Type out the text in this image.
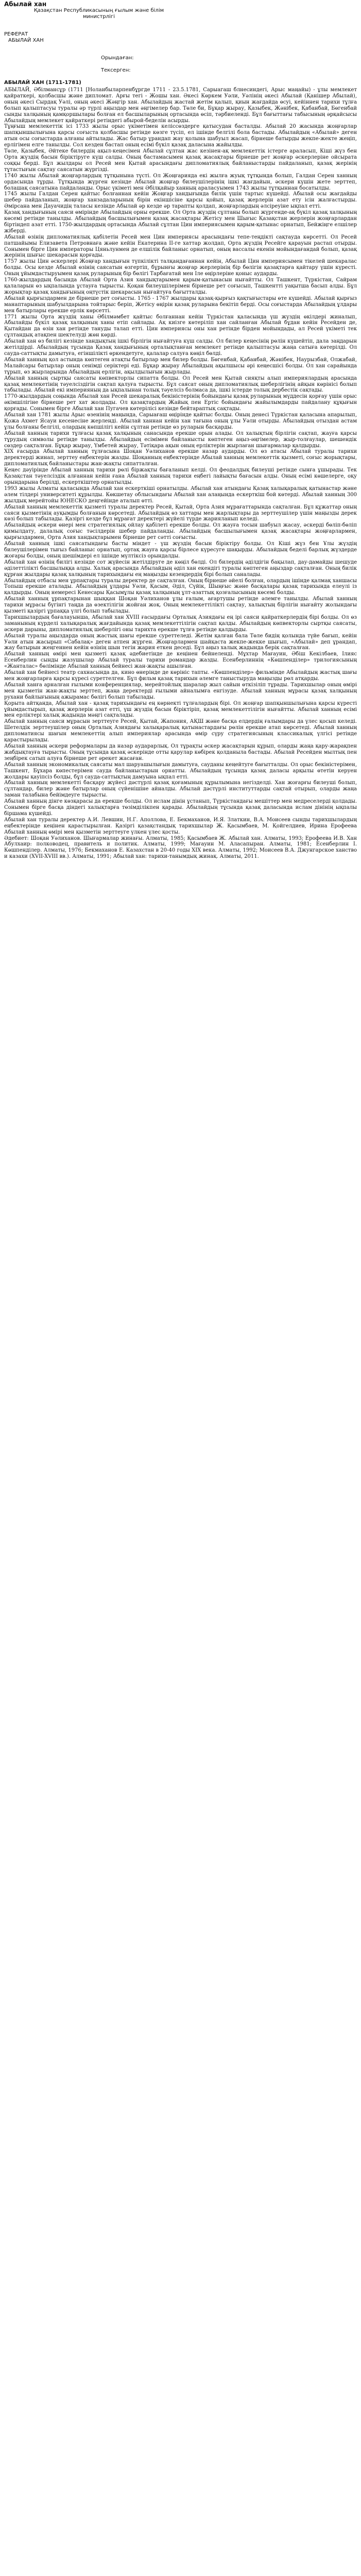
Абылай хан

Қазақстан Республикасының ғылым және білім министрлігі

РЕФЕРАТ

АБЫЛАЙ ХАН

Орындаған:

Тексерген:

АБЫЛАЙ ХАН (1711-1781)

АБЫЛАЙ, Әбілмансұр (1711 [Ноланбыларпенбұргде 1711 - 23.5.1781, Сарыагаш блнесиндегі, Арыс маңайы) - ұлы мемлекет қайраткері, қолбасшы және дипломат. Арғы тегі - Жошы хан. Әкесі Көркем Уәли, Уәлінің әкесі Абылай (Қанішер Абылай), оның әкесі Сырдақ Уәлі, оның әкесі Жәңгір хан. Абылайдың жастай жетім қалып, қиын жағдайда өсуі, кейіннен тарихи тұлға болып қалыптасуы туралы әр түрлі аңыздар мен әңгімелер бар. Төле би, Бұқар жырау, Қазыбек, Жәнібек, Қабанбай, Бөгенбай сынды халқының қамқоршылары болған ел басшыларының ортасында өсіп, тәрбиеленді. Бұл бағыттағы табысының әрқайсысы Абылайдың мемлекет қайраткері ретіндегі абырой-беделін асырды.

Тұңғыш мемлекеттік ісі 1733 жылы орыс үкіметімен келіссөздерге қатысудан басталды. Абылай 20 жасында жоңғарлар шапқыншылығына қарсы соғыста қолбасшы ретінде көзге түсіп, ел ішінде белгілі бола бастады. Абылайдың «Абылай» деген атын осы соғыстарда алғаны айтылады. Жас батыр ұрандап жау қолына шабуыл жасап, бірнеше батырды жекпе-жекте жеңіп, ерлігімен елге танылды. Сол кезден бастап оның есімі бүкіл қазақ даласына жайылды.

Төле, Қазыбек, Әйтеке билердің ақыл-кеңесімен Абылай сұлтан жас кезінен-ақ мемлекеттік істерге араласып, Кіші жүз бен Орта жүздің басын біріктіруге күш салды. Оның бастамасымен қазақ жасақтары бірнеше рет жоңғар әскерлеріне ойсырата соққы берді. Бұл жылдары ол Ресей мен Қытай арасындағы дипломатиялық байланыстарды пайдаланып, қазақ жерінің тұтастығын сақтау саясатын жүргізді.

1740 жылы Абылай жоңғарлардың тұтқынына түсті. Ол Жоңғарияда екі жылға жуық тұтқында болып, Галдан Серен ханның ордасында тұрды. Тұтқында жүрген кезінде Абылай жоңғар билеушілерінің ішкі жағдайын, әскери күшін жете зерттеп, болашақ саясатына пайдаланды. Орыс үкіметі мен Әбілқайыр ханның араласуымен 1743 жылы тұтқыннан босатылды.

1745 жылы Галдан Серен қайтыс болғаннан кейін Жоңғар хандығында билік үшін тартыс күшейді. Абылай осы жағдайды шебер пайдаланып, жоңғар ханзадаларының бірін екіншісіне қарсы қойып, қазақ жерлерін азат ету ісін жалғастырды. Әмірсана мен Дауачидің таласы кезінде Абылай әр кезде әр тарапты қолдап, жоңғарлардың әлсіреуіне ықпал етті.

Қазақ хандығының саяси өмірінде Абылайдың орны ерекше. Ол Орта жүздің сұлтаны болып жүргенде-ақ бүкіл қазақ халқының көсемі ретінде танылды. Абылайдың басшылығымен қазақ жасақтары Жетісу мен Шығыс Қазақстан жерлерін жоңғарлардан біртіндеп азат етті. 1750-жылдардың ортасында Абылай сұлтан Цин империясымен қарым-қатынас орнатып, Бейжіңге елшілер жіберді.

Абылай өзінің дипломатиялық қабілетін Ресей мен Цин империясы арасындағы тепе-теңдікті сақтауда көрсетті. Ол Ресей патшайымы Елизавета Петровнаға және кейін Екатерина II-ге хаттар жолдап, Орта жүздің Ресейге қарауын растап отырды. Сонымен бірге Цин императоры Цяньлунмен де елшілік байланыс орнатып, оның вассалы екенін мойындағандай болып, қазақ жерінің шығыс шекарасын қорғады.

1757 жылы Цин әскерлері Жоңғар хандығын түпкілікті талқандағаннан кейін, Абылай Цин империясымен тікелей шекаралас болды. Осы кезде Абылай өзінің саясатын өзгертіп, бұрынғы жоңғар жерлерінің бір бөлігін қазақтарға қайтару үшін күресті. Оның ұйымдастыруымен қазақ руларының бір бөлігі Тарбағатай мен Іле өңірлеріне қоныс аударды.

1760-жылдардың басында Абылай Орта Азия хандықтарымен қарым-қатынасын нығайтты. Ол Ташкент, Түркістан, Сайрам қалаларын өз ықпалында ұстауға тырысты. Қоқан билеушілерімен бірнеше рет соғысып, Ташкентті уақытша басып алды. Бұл жорықтар қазақ хандығының оңтүстік шекарасын нығайтуға бағытталды.

Абылай қырғыздармен де бірнеше рет соғысты. 1765 - 1767 жылдары қазақ-қырғыз қақтығыстары өте күшейді. Абылай қырғыз манаптарының шабуылдарына тойтарыс беріп, Жетісу өңірін қазақ руларына бекітіп берді. Осы соғыстарда Абылайдың ұлдары мен батырлары ерекше ерлік көрсетті.

1771 жылы Орта жүздің ханы Әбілмәмбет қайтыс болғаннан кейін Түркістан қаласында үш жүздің өкілдері жиналып, Абылайды бүкіл қазақ халқының ханы етіп сайлады. Ақ киізге көтеріліп хан сайланған Абылай бұдан кейін Ресейден де, Қытайдан да өзін хан ретінде тануды талап етті. Цин империясы оны хан ретінде бірден мойындады, ал Ресей үкіметі тек сұлтандық атақпен шектелуді жөн көрді.

Абылай хан өз билігі кезінде хандықтың ішкі бірлігін нығайтуға күш салды. Ол билер кеңесінің рөлін күшейтіп, дала заңдарын жетілдірді. Абылайдың тұсында Қазақ хандығының орталықтанған мемлекет ретінде қалыптасуы жаңа сатыға көтерілді. Ол сауда-саттықты дамытуға, егіншілікті өркендетуге, қалалар салуға көңіл бөлді.

Абылай ханның қол астында көптеген атақты батырлар мен билер болды. Бөгенбай, Қабанбай, Жәнібек, Наурызбай, Олжабай, Малайсары батырлар оның сенімді серіктері еді. Бұқар жырау Абылайдың ақылшысы әрі кеңесшісі болды. Ол хан сарайында тұрып, өз жырларында Абылайдың ерлігін, ақылдылығын жырлады.

Абылай ханның сыртқы саясаты көпвекторлы сипатта болды. Ол Ресей мен Қытай сияқты алып империялардың арасында қазақ мемлекетінің тәуелсіздігін сақтап қалуға тырысты. Бұл саясат оның дипломатиялық шеберлігінің айқын көрінісі болып табылады. Абылай екі империяның да ықпалынан толық тәуелсіз болмаса да, ішкі істерде толық дербестік сақтады.

1770-жылдардың соңында Абылай хан Ресей шекаралық бекіністерінің бойындағы қазақ руларының мүддесін қорғау үшін орыс әкімшілігіне бірнеше рет хат жолдады. Ол қазақтардың Жайық пен Ертіс бойындағы жайылымдарды пайдалану құқығын қорғады. Сонымен бірге Абылай хан Пугачев көтерілісі кезінде бейтараптық сақтады.

Абылай хан 1781 жылы Арыс өзенінің маңында, Сарыағаш өңірінде қайтыс болды. Оның денесі Түркістан қаласына апарылып, Қожа Ахмет Ясауи кесенесіне жерленді. Абылай ханнан кейін хан тағына оның ұлы Уәли отырды. Абылайдың отыздан астам ұлы болғаны белгілі, олардың көпшілігі кейін сұлтан ретінде өз руларын басқарды.

Абылай ханның тарихи тұлғасы қазақ халқының санасында ерекше орын алады. Ол халықтың бірлігін сақтап, жауға қарсы тұрудың символы ретінде танылды. Абылайдың есімімен байланысты көптеген аңыз-әңгімелер, жыр-толғаулар, шешендік сөздер сақталған. Бұқар жырау, Үмбетей жырау, Тәтіқара ақын оның ерліктерін жырлаған шығармалар қалдырды.

XIX ғасырда Абылай ханның тұлғасына Шоқан Уәлиханов ерекше назар аударды. Ол өз атасы Абылай туралы тарихи деректерді жинап, зерттеу еңбектерін жазды. Шоқанның еңбектерінде Абылай ханның мемлекеттік қызметі, соғыс жорықтары, дипломатиялық байланыстары жан-жақты сипатталған.

Кеңес дәуірінде Абылай ханның тарихи рөлі біржақты бағаланып келді. Ол феодалдық билеуші ретінде сынға ұшырады. Тек Қазақстан тәуелсіздік алғаннан кейін ғана Абылай ханның тарихи еңбегі лайықты бағасын алды. Оның есімі көшелерге, оқу орындарына берілді, ескерткіштер орнатылды.

1993 жылы Алматы қаласында Абылай хан ескерткіші орнатылды. Абылай хан атындағы Қазақ халықаралық қатынастар және әлем тілдері университеті құрылды. Көкшетау облысындағы Абылай хан алаңында ескерткіш бой көтерді. Абылай ханның 300 жылдық мерейтойы ЮНЕСКО деңгейінде аталып өтті.

Абылай ханның мемлекеттік қызметі туралы деректер Ресей, Қытай, Орта Азия мұрағаттарында сақталған. Бұл құжаттар оның саяси қызметінің ауқымды болғанын көрсетеді. Абылайдың өз хаттары мен жарлықтары да зерттеушілер үшін маңызды дерек көзі болып табылады. Қазіргі кезде бұл мұрағат деректері жүйелі түрде жарияланып келеді.

Абылайдың әскери өнері мен стратегиялық ойлау қабілеті ерекше болды. Ол жауға тосын шабуыл жасау, әскерді бөліп-бөліп қимылдату, далалық соғыс тәсілдерін шебер пайдаланды. Абылайдың басшылығымен қазақ жасақтары жоңғарлармен, қырғыздармен, Орта Азия хандықтарымен бірнеше рет сәтті соғысты.

Абылай ханның ішкі саясатындағы басты міндет - үш жүздің басын біріктіру болды. Ол Кіші жүз бен Ұлы жүздің билеушілерімен тығыз байланыс орнатып, ортақ жауға қарсы бірлесе күресуге шақырды. Абылайдың беделі барлық жүздерде жоғары болды, оның шешімдері ел ішінде мүлтіксіз орындалды.

Абылай хан өзінің билігі кезінде сот жүйесін жетілдіруге де көңіл бөлді. Ол билердің әділдігін бақылап, дау-дамайды шешуде әділеттілікті басшылыққа алды. Халық арасында Абылайдың әділ хан екендігі туралы көптеген аңыздар сақталған. Оның билік құрған жылдары қазақ халқының тарихындағы ең маңызды кезеңдердің бірі болып саналады.

Абылайдың отбасы мен ұрпақтары туралы деректер де сақталған. Оның бірнеше әйелі болған, олардың ішінде қалмақ ханшасы Топыш ерекше аталады. Абылайдың ұлдары Уәли, Қасым, Әділ, Сүйік, Шыңғыс және басқалары қазақ тарихында елеулі із қалдырды. Оның немересі Кенесары Қасымұлы қазақ халқының ұлт-азаттық қозғалысының көсемі болды.

Абылай ханның ұрпақтарынан шыққан Шоқан Уәлиханов ұлы ғалым, ағартушы ретінде әлемге танылды. Абылай ханның тарихи мұрасы бүгінгі таңда да өзектілігін жойған жоқ. Оның мемлекеттілікті сақтау, халықтың бірлігін нығайту жолындағы қызметі қазіргі ұрпаққа үлгі болып табылады.

Тарихшылардың бағалауынша, Абылай хан XVIII ғасырдағы Орталық Азиядағы ең ірі саяси қайраткерлердің бірі болды. Ол өз заманының күрделі халықаралық жағдайында қазақ мемлекеттілігін сақтап қалды. Абылайдың көпвекторлы сыртқы саясаты, әскери дарыны, дипломатиялық шеберлігі оны тарихта ерекше тұлға ретінде қалдырды.

Абылай туралы аңыздарда оның жастық шағы ерекше суреттеледі. Жетім қалған бала Төле бидің қолында түйе бағып, кейін Уәли атын жасырып «Сабалақ» деген атпен жүрген. Жоңғарлармен шайқаста жекпе-жекке шығып, «Абылай» деп ұрандап, жау батырын жеңгеннен кейін өзінің шын тегін жария еткен деседі. Бұл аңыз халық жадында берік сақталған.

Абылай ханның өмірі мен қызметі қазақ әдебиетінде де кеңінен бейнеленді. Мұхтар Мағауин, Әбіш Кекілбаев, Ілияс Есенберлин сынды жазушылар Абылай туралы тарихи романдар жазды. Есенберлиннің «Көшпенділер» трилогиясының «Жанталас» бөлімінде Абылай ханның бейнесі жан-жақты ашылған.

Абылай хан бейнесі театр сахнасында да, кино өнерінде де көрініс тапты. «Көшпенділер» фильмінде Абылайдың жастық шағы мен жоңғарларға қарсы күресі суреттелген. Бұл фильм қазақ тарихын әлемге таныстыруда маңызды рөл атқарды.

Абылай ханға арналған ғылыми конференциялар, мерейтойлық шаралар жыл сайын өткізіліп тұрады. Тарихшылар оның өмірі мен қызметін жан-жақты зерттеп, жаңа деректерді ғылыми айналымға енгізуде. Абылай ханның мұрасы қазақ халқының рухани байлығының ажырамас бөлігі болып табылады.

Қорыта айтқанда, Абылай хан - қазақ тарихындағы ең көрнекті тұлғалардың бірі. Ол жоңғар шапқыншылығына қарсы күресті ұйымдастырып, қазақ жерлерін азат етті, үш жүздің басын біріктіріп, қазақ мемлекеттілігін нығайтты. Абылай ханның есімі мен ерліктері халық жадында мәңгі сақталады.

Абылай ханның саяси мұрасын зерттеуге Ресей, Қытай, Жапония, АҚШ және басқа елдердің ғалымдары да үлес қосып келеді. Шетелдік зерттеушілер оның Орталық Азиядағы халықаралық қатынастардағы рөлін ерекше атап көрсетеді. Абылай ханның дипломатиясы шағын мемлекеттің алып империялар арасында өмір сүру стратегиясының классикалық үлгісі ретінде қарастырылады.

Абылай ханның әскери реформалары да назар аударарлық. Ол тұрақты әскер жасақтарын құрып, оларды жаңа қару-жарақпен жабдықтауға тырысты. Оның тұсында қазақ әскерінде отты қарулар көбірек қолданыла бастады. Абылай Ресейден мылтық пен зеңбірек сатып алуға бірнеше рет әрекет жасаған.

Абылай ханның экономикалық саясаты мал шаруашылығын дамытуға, сауданы кеңейтуге бағытталды. Ол орыс бекіністерімен, Ташкент, Бұхара көпестерімен сауда байланыстарын орнатты. Абылайдың тұсында қазақ даласы арқылы өтетін керуен жолдары қауіпсіз болды, бұл сауда-саттықтың дамуына ықпал етті.

Абылай ханның мемлекетті басқару жүйесі дәстүрлі қазақ қоғамының құрылымына негізделді. Хан жоғарғы билеуші болып, сұлтандар, билер және батырлар оның сүйенішіне айналды. Абылай дәстүрлі институттарды сақтай отырып, оларды жаңа заман талабына бейімдеуге тырысты.

Абылай ханның дінге көзқарасы да ерекше болды. Ол ислам дінін ұстанып, Түркістандағы мешіттер мен медреселерді қолдады. Сонымен бірге басқа діндегі халықтарға төзімділікпен қарады. Абылайдың тұсында қазақ даласында ислам дінінің ықпалы біршама күшейді.

Абылай хан туралы деректер А.И. Левшин, Н.Г. Аполлова, Е. Бекмаханов, И.Я. Златкин, В.А. Моисеев сынды тарихшылардың еңбектерінде кеңінен қарастырылған. Қазіргі қазақстандық тарихшылар Ж. Қасымбаев, М. Қойгелдиев, Ирина Ерофеева Абылай ханның өмірі мен қызметін зерттеуге үлкен үлес қосты.

Әдебиет: Шоқан Уәлиханов. Шығармалар жинағы. Алматы, 1985; Қасымбаев Ж. Абылай хан. Алматы, 1993; Ерофеева И.В. Хан Абулхаир: полководец, правитель и политик. Алматы, 1999; Мағауин М. Аласапыран. Алматы, 1981; Есенберлин І. Көшпенділер. Алматы, 1976; Бекмаханов Е. Казахстан в 20-40 годы XIX века. Алматы, 1992; Моисеев В.А. Джунгарское ханство и казахи (XVII-XVIII вв.). Алматы, 1991; Абылай хан: тарихи-танымдық жинақ. Алматы, 2011.
